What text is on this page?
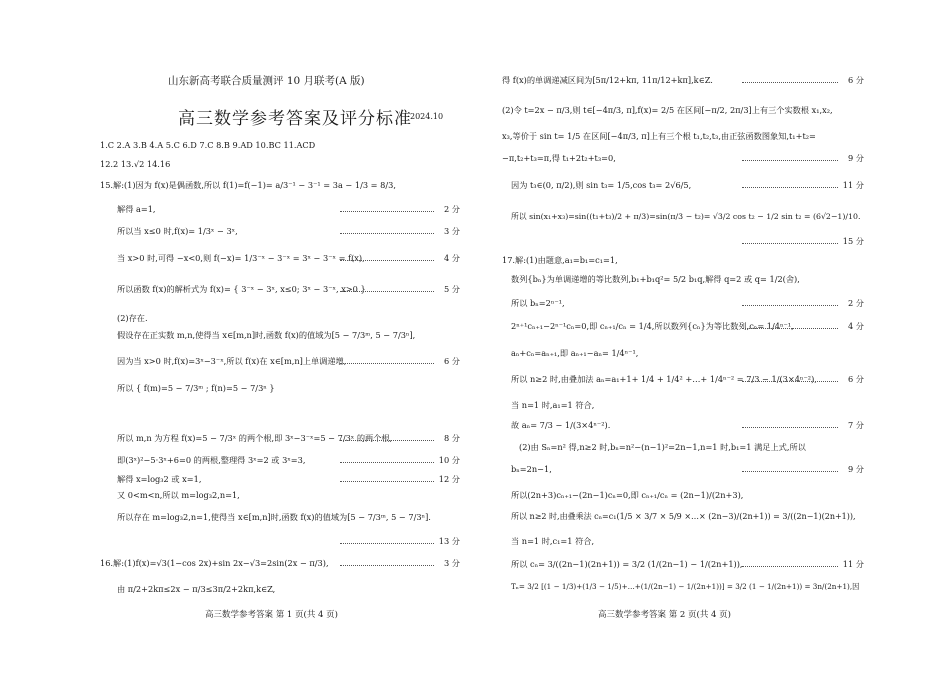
山东新高考联合质量测评 10 月联考(A 版)
高三数学参考答案及评分标准
2024.10
1.C 2.A 3.B 4.A 5.C 6.D 7.C 8.B 9.AD 10.BC 11.ACD
12.2 13.√2 14.16
15.解:(1)因为 f(x)是偶函数,所以 f(1)=f(−1)= a/3⁻¹ − 3⁻¹ = 3a − 1/3 = 8/3,
解得 a=1,	2 分
所以当 x≤0 时,f(x)= 1/3ˣ − 3ˣ,	3 分
当 x>0 时,可得 −x<0,则 f(−x)= 1/3⁻ˣ − 3⁻ˣ = 3ˣ − 3⁻ˣ = f(x),	4 分
所以函数 f(x)的解析式为 f(x)= { 3⁻ˣ − 3ˣ, x≤0; 3ˣ − 3⁻ˣ, x>0 }	5 分
(2)存在.
假设存在正实数 m,n,使得当 x∈[m,n]时,函数 f(x)的值域为[5 − 7/3ᵐ, 5 − 7/3ⁿ],
因为当 x>0 时,f(x)=3ˣ−3⁻ˣ,所以 f(x)在 x∈[m,n]上单调递增,	6 分
所以 { f(m)=5 − 7/3ᵐ ; f(n)=5 − 7/3ⁿ }
所以 m,n 为方程 f(x)=5 − 7/3ˣ 的两个根,即 3ˣ−3⁻ˣ=5 − 7/3ˣ 的两个根,	8 分
即(3ˣ)²−5·3ˣ+6=0 的两根,整理得 3ˣ=2 或 3ˣ=3,	10 分
解得 x=log₃2 或 x=1,	12 分
又 0<m<n,所以 m=log₃2,n=1,
所以存在 m=log₃2,n=1,使得当 x∈[m,n]时,函数 f(x)的值域为[5 − 7/3ᵐ, 5 − 7/3ⁿ].
13 分
16.解:(1)f(x)=√3(1−cos 2x)+sin 2x−√3=2sin(2x − π/3),	3 分
由 π/2+2kπ≤2x − π/3≤3π/2+2kπ,k∈Z,
得 f(x)的单调递减区间为[5π/12+kπ, 11π/12+kπ],k∈Z.	6 分
(2)令 t=2x − π/3,则 t∈[−4π/3, π],f(x)= 2/5 在区间[−π/2, 2π/3]上有三个实数根 x₁,x₂,
x₃,等价于 sin t= 1/5 在区间[−4π/3, π]上有三个根 t₁,t₂,t₃,由正弦函数图象知,t₁+t₂=
−π,t₂+t₃=π,得 t₁+2t₂+t₃=0,	9 分
因为 t₃∈(0, π/2),则 sin t₃= 1/5,cos t₃= 2√6/5,	11 分
所以 sin(x₁+x₃)=sin((t₁+t₃)/2 + π/3)=sin(π/3 − t₂)= √3/2 cos t₂ − 1/2 sin t₂ = (6√2−1)/10.
15 分
17.解:(1)由题意,a₁=b₁=c₁=1,
数列{bₙ}为单调递增的等比数列,b₁+b₁q²= 5/2 b₁q,解得 q=2 或 q= 1/2(舍),
所以 bₙ=2ⁿ⁻¹,	2 分
2ⁿ⁺¹cₙ₊₁−2ⁿ⁻¹cₙ=0,即 cₙ₊₁/cₙ = 1/4,所以数列{cₙ}为等比数列,cₙ= 1/4ⁿ⁻¹,	4 分
aₙ+cₙ=aₙ₊₁,即 aₙ₊₁−aₙ= 1/4ⁿ⁻¹,
所以 n≥2 时,由叠加法 aₙ=a₁+1+ 1/4 + 1/4² +…+ 1/4ⁿ⁻² = 7/3 − 1/(3×4ⁿ⁻²),	6 分
当 n=1 时,a₁=1 符合,
故 aₙ= 7/3 − 1/(3×4ⁿ⁻²).	7 分
(2)由 Sₙ=n² 得,n≥2 时,bₙ=n²−(n−1)²=2n−1,n=1 时,b₁=1 满足上式,所以
bₙ=2n−1,	9 分
所以(2n+3)cₙ₊₁−(2n−1)cₙ=0,即 cₙ₊₁/cₙ = (2n−1)/(2n+3),
所以 n≥2 时,由叠乘法 cₙ=c₁(1/5 × 3/7 × 5/9 ×…× (2n−3)/(2n+1)) = 3/((2n−1)(2n+1)),
当 n=1 时,c₁=1 符合,
所以 cₙ= 3/((2n−1)(2n+1)) = 3/2 (1/(2n−1) − 1/(2n+1)),	11 分
Tₙ= 3/2 [(1 − 1/3)+(1/3 − 1/5)+…+(1/(2n−1) − 1/(2n+1))] = 3/2 (1 − 1/(2n+1)) = 3n/(2n+1),因
高三数学参考答案 第 1 页(共 4 页)	高三数学参考答案 第 2 页(共 4 页)
